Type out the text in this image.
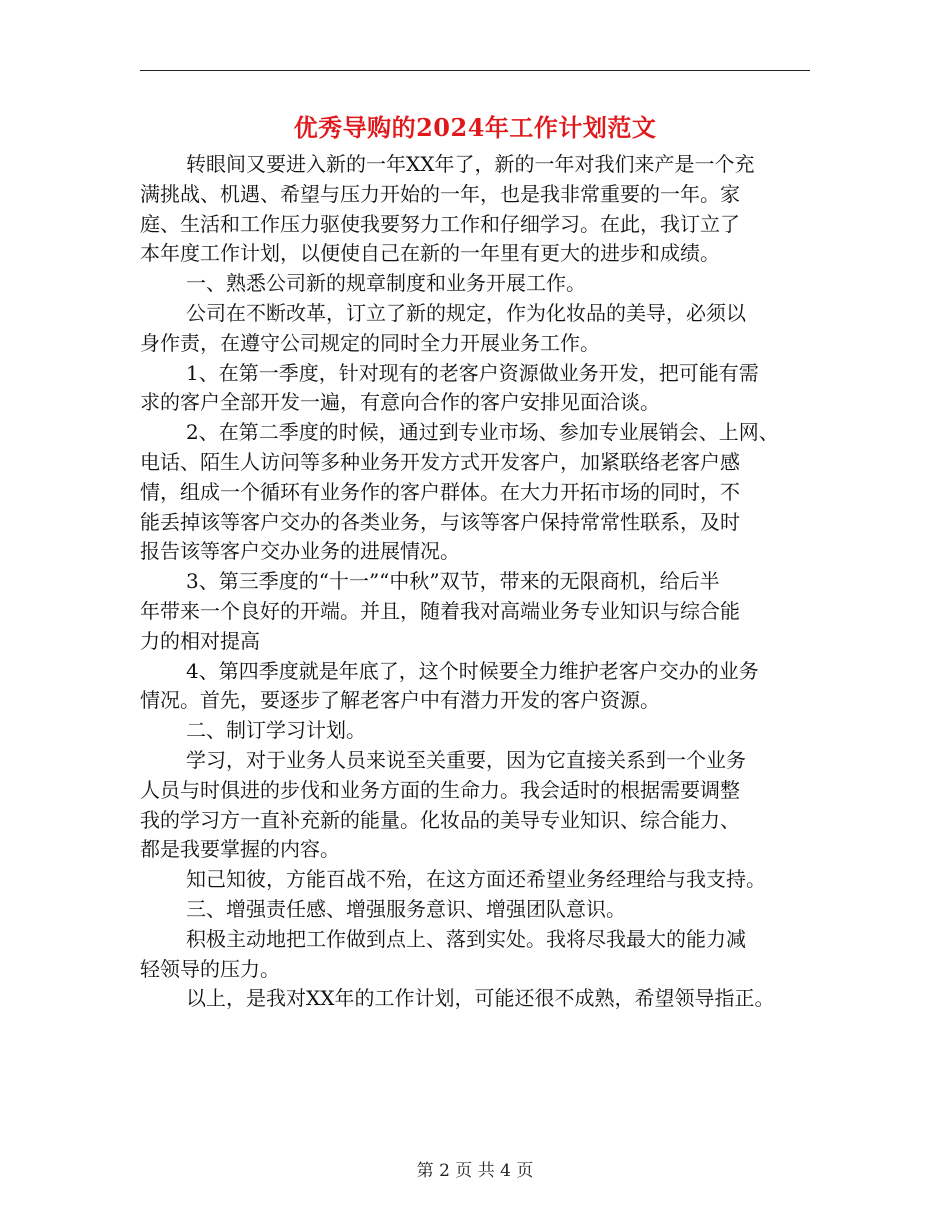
优秀导购的2024年工作计划范文

转眼间又要进入新的一年XX年了，新的一年对我们来产是一个充
满挑战、机遇、希望与压力开始的一年，也是我非常重要的一年。家
庭、生活和工作压力驱使我要努力工作和仔细学习。在此，我订立了
本年度工作计划，以便使自己在新的一年里有更大的进步和成绩。

一、熟悉公司新的规章制度和业务开展工作。

公司在不断改革，订立了新的规定，作为化妆品的美导，必须以
身作责，在遵守公司规定的同时全力开展业务工作。

1、在第一季度，针对现有的老客户资源做业务开发，把可能有需
求的客户全部开发一遍，有意向合作的客户安排见面洽谈。

2、在第二季度的时候，通过到专业市场、参加专业展销会、上网、
电话、陌生人访问等多种业务开发方式开发客户，加紧联络老客户感
情，组成一个循环有业务作的客户群体。在大力开拓市场的同时，不
能丢掉该等客户交办的各类业务，与该等客户保持常常性联系，及时
报告该等客户交办业务的进展情况。

3、第三季度的“十一”“中秋”双节，带来的无限商机，给后半
年带来一个良好的开端。并且，随着我对高端业务专业知识与综合能
力的相对提高

4、第四季度就是年底了，这个时候要全力维护老客户交办的业务
情况。首先，要逐步了解老客户中有潜力开发的客户资源。

二、制订学习计划。

学习，对于业务人员来说至关重要，因为它直接关系到一个业务
人员与时俱进的步伐和业务方面的生命力。我会适时的根据需要调整
我的学习方一直补充新的能量。化妆品的美导专业知识、综合能力、
都是我要掌握的内容。

知己知彼，方能百战不殆，在这方面还希望业务经理给与我支持。

三、增强责任感、增强服务意识、增强团队意识。

积极主动地把工作做到点上、落到实处。我将尽我最大的能力减
轻领导的压力。

以上，是我对XX年的工作计划，可能还很不成熟，希望领导指正。

第 2 页 共 4 页
